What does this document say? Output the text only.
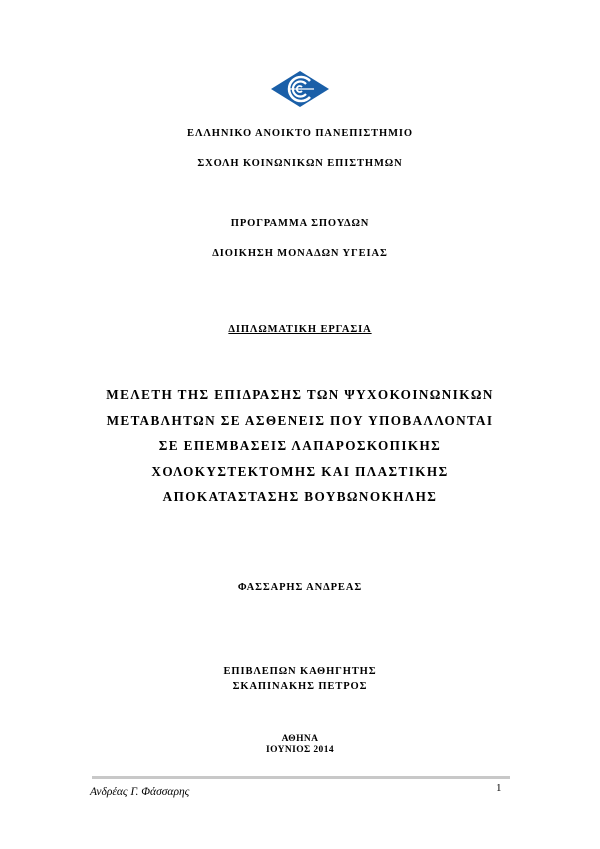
ΕΛΛΗΝΙΚΟ ΑΝΟΙΚΤΟ ΠΑΝΕΠΙΣΤΗΜΙΟ
ΣΧΟΛΗ ΚΟΙΝΩΝΙΚΩΝ ΕΠΙΣΤΗΜΩΝ
ΠΡΟΓΡΑΜΜΑ ΣΠΟΥΔΩΝ
ΔΙΟΙΚΗΣΗ ΜΟΝΑΔΩΝ ΥΓΕΙΑΣ
ΔΙΠΛΩΜΑΤΙΚΗ ΕΡΓΑΣΙΑ
ΜΕΛΕΤΗ ΤΗΣ ΕΠΙΔΡΑΣΗΣ ΤΩΝ ΨΥΧΟΚΟΙΝΩΝΙΚΩΝ
ΜΕΤΑΒΛΗΤΩΝ ΣΕ ΑΣΘΕΝΕΙΣ ΠΟΥ ΥΠΟΒΑΛΛΟΝΤΑΙ
ΣΕ ΕΠΕΜΒΑΣΕΙΣ ΛΑΠΑΡΟΣΚΟΠΙΚΗΣ
ΧΟΛΟΚΥΣΤΕΚΤΟΜΗΣ ΚΑΙ ΠΛΑΣΤΙΚΗΣ
ΑΠΟΚΑΤΑΣΤΑΣΗΣ ΒΟΥΒΩΝΟΚΗΛΗΣ
ΦΑΣΣΑΡΗΣ ΑΝΔΡΕΑΣ
ΕΠΙΒΛΕΠΩΝ ΚΑΘΗΓΗΤΗΣ
ΣΚΑΠΙΝΑΚΗΣ ΠΕΤΡΟΣ
ΑΘΗΝΑ
ΙΟΥΝΙΟΣ 2014
Ανδρέας Γ. Φάσσαρης	1
